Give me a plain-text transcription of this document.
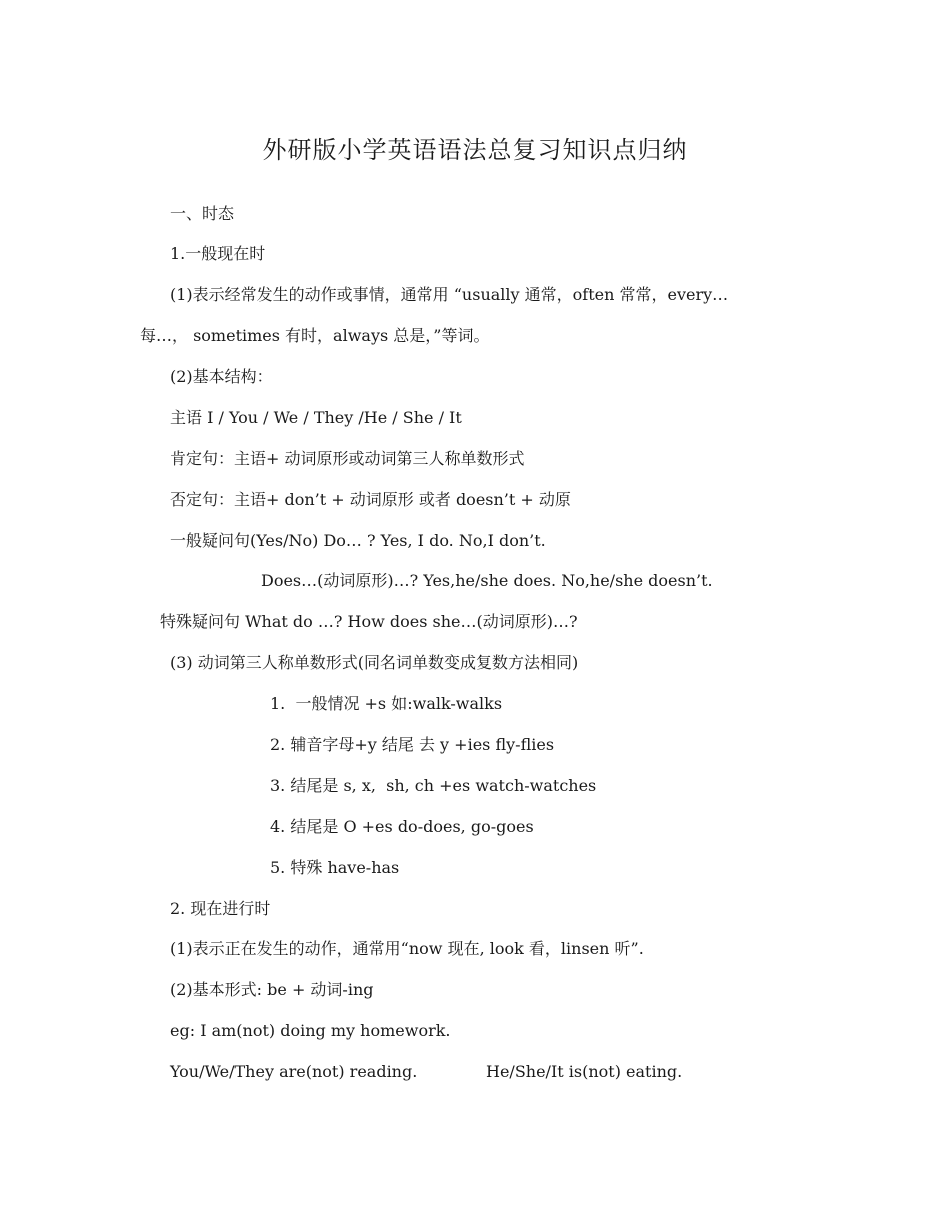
外研版小学英语语法总复习知识点归纳

一、时态

1.一般现在时

(1)表示经常发生的动作或事情，通常用 “usually 通常，often 常常，every…

每…， sometimes 有时，always 总是，”等词。

(2)基本结构：

主语 I / You / We / They /He / She / It

肯定句：主语+ 动词原形或动词第三人称单数形式

否定句：主语+ don’t + 动词原形 或者 doesn’t + 动原

一般疑问句(Yes/No) Do… ? Yes, I do. No,I don’t.

Does…(动词原形)…? Yes,he/she does. No,he/she doesn’t.

特殊疑问句 What do …? How does she…(动词原形)…?

(3) 动词第三人称单数形式(同名词单数变成复数方法相同)

1.  一般情况 +s 如:walk-walks

2. 辅音字母+y 结尾 去 y +ies fly-flies

3. 结尾是 s, x,  sh, ch +es watch-watches

4. 结尾是 O +es do-does, go-goes

5. 特殊 have-has

2. 现在进行时

(1)表示正在发生的动作，通常用“now 现在, look 看，linsen 听”.

(2)基本形式: be + 动词-ing

eg: I am(not) doing my homework.

You/We/They are(not) reading.	He/She/It is(not) eating.
